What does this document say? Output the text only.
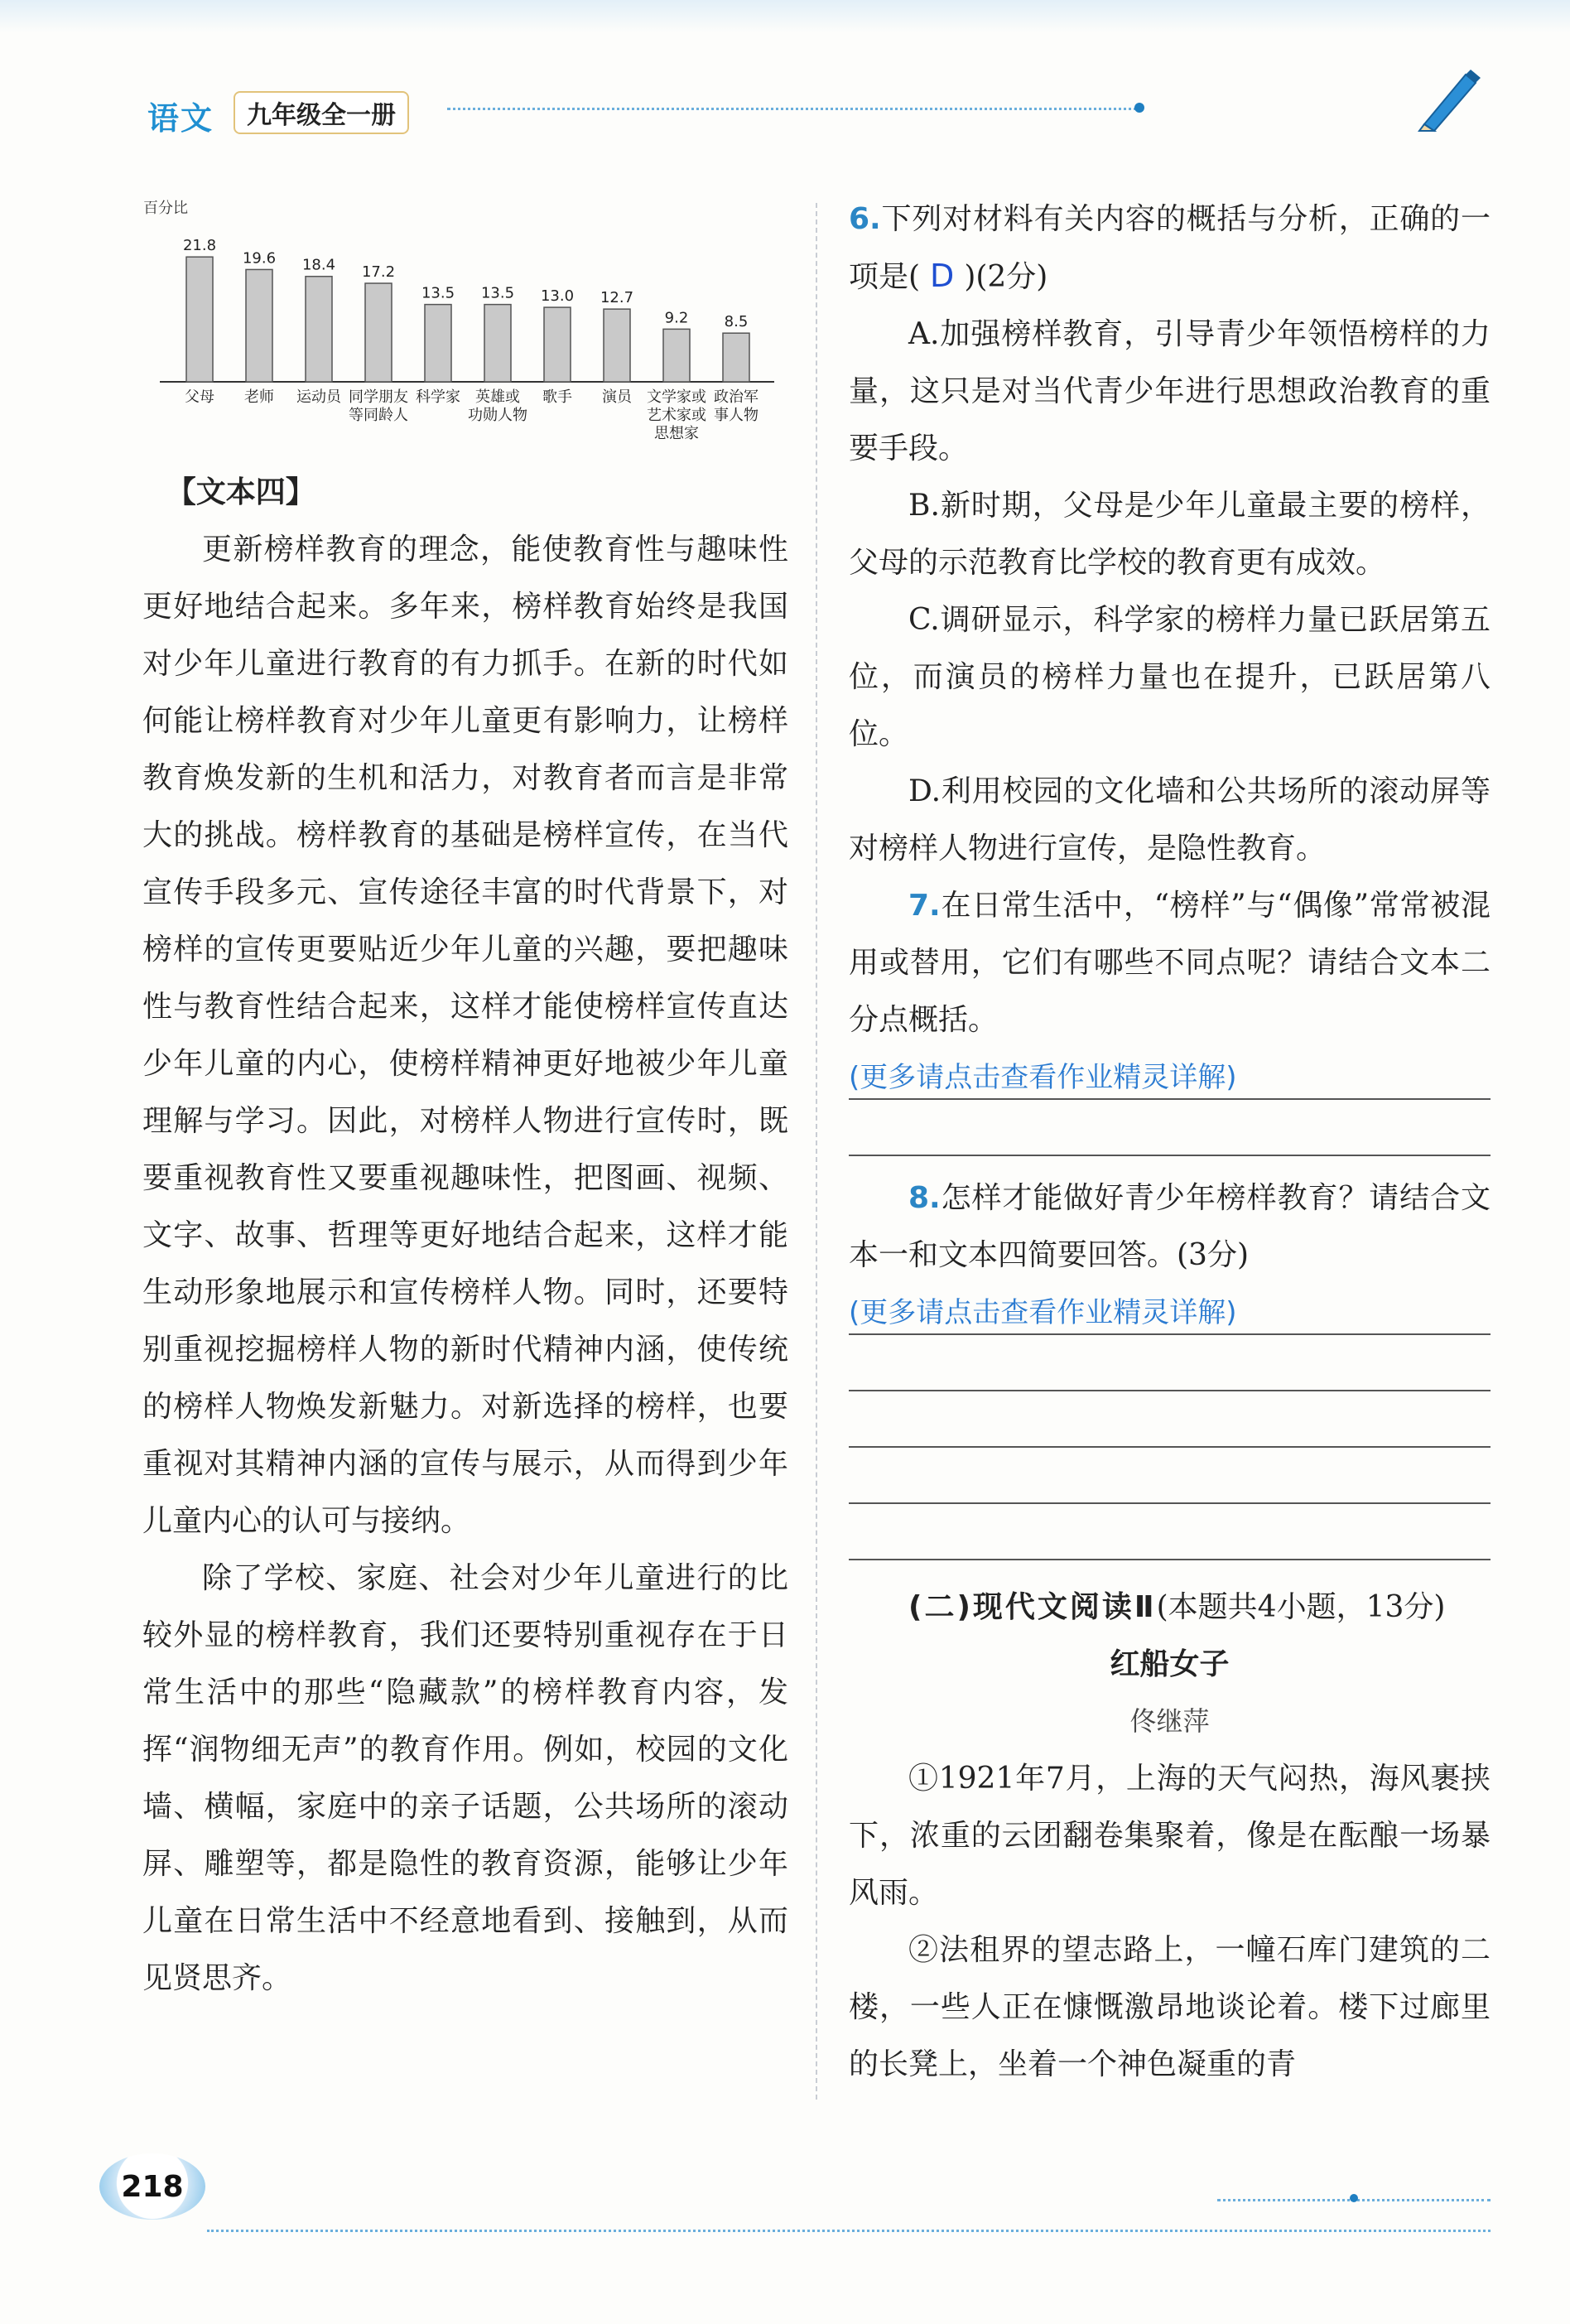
语文	九年级全一册
百分比
21.8
父母
19.6
老师
18.4
运动员
17.2
同学朋友
等同龄人
13.5
科学家
13.5
英雄或
功勋人物
13.0
歌手
12.7
演员
9.2
文学家或
艺术家或
思想家
8.5
政治军
事人物

【文本四】

更新榜样教育的理念，能使教育性与趣味性更好地结合起来。多年来，榜样教育始终是我国对少年儿童进行教育的有力抓手。在新的时代如何能让榜样教育对少年儿童更有影响力，让榜样教育焕发新的生机和活力，对教育者而言是非常大的挑战。榜样教育的基础是榜样宣传，在当代宣传手段多元、宣传途径丰富的时代背景下，对榜样的宣传更要贴近少年儿童的兴趣，要把趣味性与教育性结合起来，这样才能使榜样宣传直达少年儿童的内心，使榜样精神更好地被少年儿童理解与学习。因此，对榜样人物进行宣传时，既要重视教育性又要重视趣味性，把图画、视频、文字、故事、哲理等更好地结合起来，这样才能生动形象地展示和宣传榜样人物。同时，还要特别重视挖掘榜样人物的新时代精神内涵，使传统的榜样人物焕发新魅力。对新选择的榜样，也要重视对其精神内涵的宣传与展示，从而得到少年儿童内心的认可与接纳。

除了学校、家庭、社会对少年儿童进行的比较外显的榜样教育，我们还要特别重视存在于日常生活中的那些“隐藏款”的榜样教育内容，发挥“润物细无声”的教育作用。例如，校园的文化墙、横幅，家庭中的亲子话题，公共场所的滚动屏、雕塑等，都是隐性的教育资源，能够让少年儿童在日常生活中不经意地看到、接触到，从而见贤思齐。

6.下列对材料有关内容的概括与分析，正确的一项是( D )(2分)

A.加强榜样教育，引导青少年领悟榜样的力量，这只是对当代青少年进行思想政治教育的重要手段。

B.新时期，父母是少年儿童最主要的榜样，父母的示范教育比学校的教育更有成效。

C.调研显示，科学家的榜样力量已跃居第五位，而演员的榜样力量也在提升，已跃居第八位。

D.利用校园的文化墙和公共场所的滚动屏等对榜样人物进行宣传，是隐性教育。

7.在日常生活中，“榜样”与“偶像”常常被混用或替用，它们有哪些不同点呢？请结合文本二分点概括。

(更多请点击查看作业精灵详解)

8.怎样才能做好青少年榜样教育？请结合文本一和文本四简要回答。(3分)

(更多请点击查看作业精灵详解)

(二)现代文阅读Ⅱ(本题共4小题，13分)

红船女子

佟继萍

①1921年7月，上海的天气闷热，海风裹挟下，浓重的云团翻卷集聚着，像是在酝酿一场暴风雨。

②法租界的望志路上，一幢石库门建筑的二楼，一些人正在慷慨激昂地谈论着。楼下过廊里的长凳上，坐着一个神色凝重的青

218
